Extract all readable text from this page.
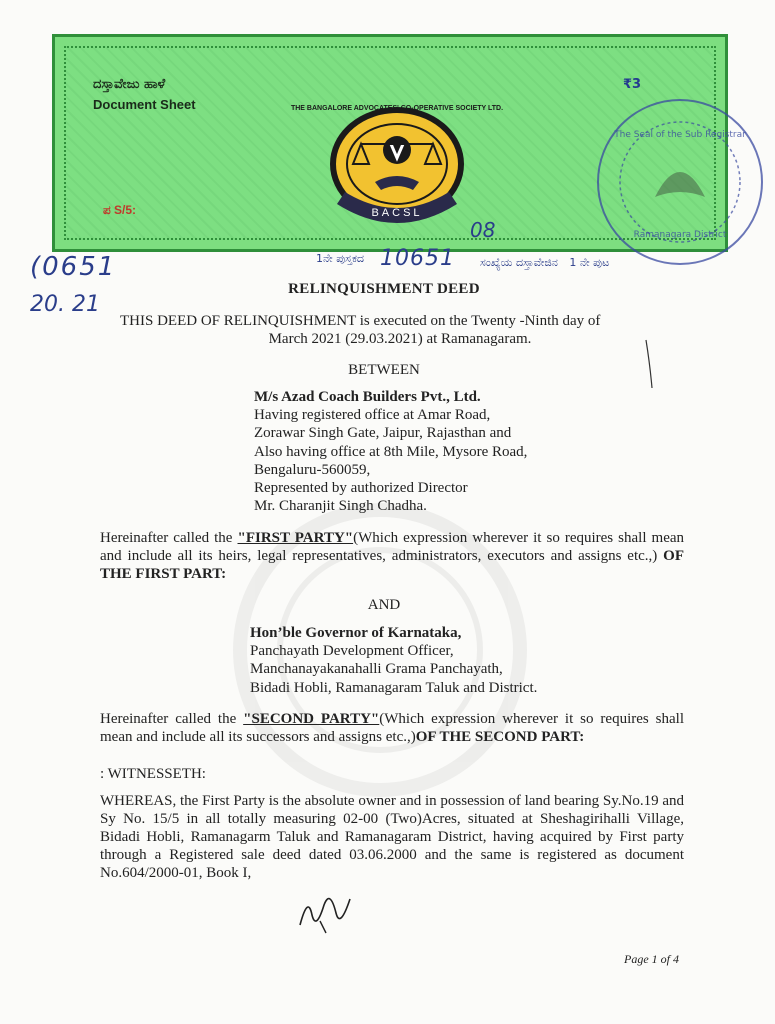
ದಸ್ತಾವೇಜು ಹಾಳೆ
Document Sheet
ಪ S/5:
₹3
BACSL
THE BANGALORE ADVOCATES' CO-OPERATIVE SOCIETY LTD.
The Seal of the Sub Registrar
Ramanagara District
08
(0651
20. 21
1ನೇ ಪುಸ್ತಕದ 10651 ಸಂಖ್ಯೆಯ ದಸ್ತಾವೇಜಿನ 1 ನೇ ಪುಟ
RELINQUISHMENT DEED
THIS DEED OF RELINQUISHMENT is executed on the Twenty -Ninth day of
March 2021 (29.03.2021) at Ramanagaram.
BETWEEN
M/s Azad Coach Builders Pvt., Ltd.
Having registered office at Amar Road,
Zorawar Singh Gate, Jaipur, Rajasthan and
Also having office at 8th Mile, Mysore Road,
Bengaluru-560059,
Represented by authorized Director
Mr. Charanjit Singh Chadha.
Hereinafter called the "FIRST PARTY"(Which expression wherever it so requires shall mean and include all its heirs, legal representatives, administrators, executors and assigns etc.,) OF THE FIRST PART:
AND
Hon’ble Governor of Karnataka,
Panchayath Development Officer,
Manchanayakanahalli Grama Panchayath,
Bidadi Hobli, Ramanagaram Taluk and District.
Hereinafter called the "SECOND PARTY"(Which expression wherever it so requires shall mean and include all its successors and assigns etc.,)OF THE SECOND PART:
: WITNESSETH:
WHEREAS, the First Party is the absolute owner and in possession of land bearing Sy.No.19 and Sy No. 15/5 in all totally measuring 02-00 (Two)Acres, situated at Sheshagirihalli Village, Bidadi Hobli, Ramanagarm Taluk and Ramanagaram District, having acquired by First party through a Registered sale deed dated 03.06.2000 and the same is registered as document No.604/2000-01, Book I,
Page 1 of 4
